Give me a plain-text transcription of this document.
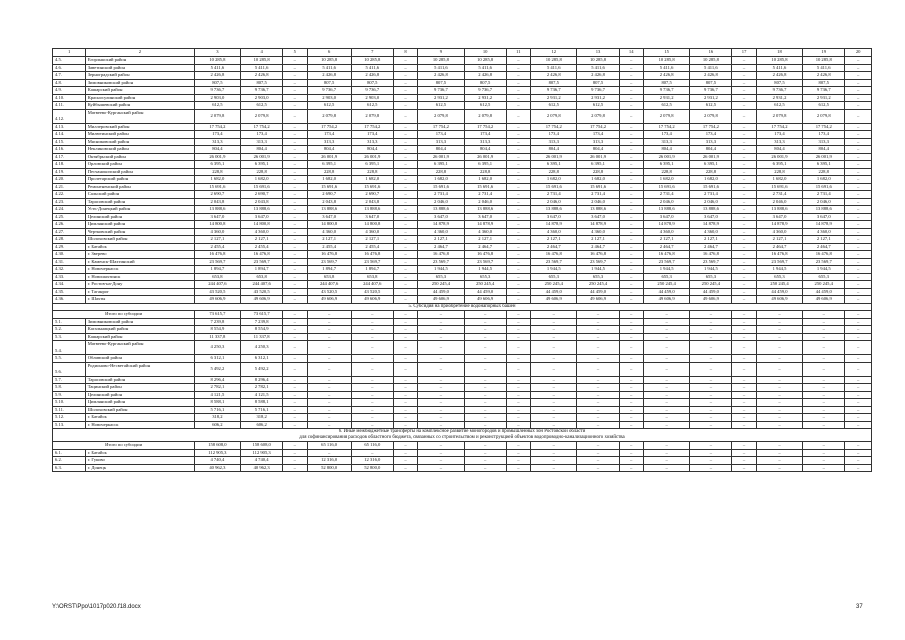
1	2	3	4	5	6	7	8	9	10	11	12	13	14	15	16	17	18	19	20
4.5.	Егорлыкский район	10 285,8	10 285,8	–	10 285,8	10 285,8	–	10 285,8	10 285,8	–	10 285,8	10 285,8	–	10 285,8	10 285,8	–	10 285,8	10 285,8	–
4.6.	Заветинский район	5 411,6	5 411,6	–	5 411,6	5 411,6	–	5 411,6	5 411,6	–	5 411,6	5 411,6	–	5 411,6	5 411,6	–	5 411,6	5 411,6	–
4.7.	Зерноградский район	2 426,8	2 426,8	–	2 426,8	2 426,8	–	2 426,8	2 426,8	–	2 426,8	2 426,8	–	2 426,8	2 426,8	–	2 426,8	2 426,8	–
4.8.	Зимовниковский район	807,5	807,5	–	807,5	807,5	–	807,5	807,5	–	807,5	807,5	–	807,5	807,5	–	807,5	807,5	–
4.9.	Кашарский район	9 736,7	9 736,7	–	9 736,7	9 736,7	–	9 736,7	9 736,7	–	9 736,7	9 736,7	–	9 736,7	9 736,7	–	9 736,7	9 736,7	–
4.10.	Красносулинский район	2 903,0	2 903,0	–	2 903,0	2 903,0	–	2 931,2	2 931,2	–	2 931,2	2 931,2	–	2 931,2	2 931,2	–	2 931,2	2 931,2	–
4.11.	Куйбышевский район	612,5	612,5	–	612,5	612,5	–	612,5	612,5	–	612,5	612,5	–	612,5	612,5	–	612,5	612,5	–
4.12.	Матвеево-Курганский район	2 079,8	2 079,8	–	2 079,8	2 079,8	–	2 079,8	2 079,8	–	2 079,8	2 079,8	–	2 079,8	2 079,8	–	2 079,8	2 079,8	–
4.13.	Миллеровский район	17 754,2	17 754,2	–	17 754,2	17 754,2	–	17 754,2	17 754,2	–	17 754,2	17 754,2	–	17 754,2	17 754,2	–	17 754,2	17 754,2	–
4.14.	Милютинский район	173,4	173,4	–	173,4	173,4	–	173,4	173,4	–	173,4	173,4	–	173,4	173,4	–	173,4	173,4	–
4.15.	Мясниковский район	313,3	313,3	–	313,3	313,3	–	313,3	313,3	–	313,3	313,3	–	313,3	313,3	–	313,3	313,3	–
4.16.	Неклиновский район	804,4	804,4	–	804,4	804,4	–	804,4	804,4	–	804,4	804,4	–	804,4	804,4	–	804,4	804,4	–
4.17.	Октябрьский район	26 001,9	26 001,9	–	26 001,9	26 001,9	–	26 001,9	26 001,9	–	26 001,9	26 001,9	–	26 001,9	26 001,9	–	26 001,9	26 001,9	–
4.18.	Орловский район	6 395,1	6 395,1	–	6 395,1	6 395,1	–	6 395,1	6 395,1	–	6 395,1	6 395,1	–	6 395,1	6 395,1	–	6 395,1	6 395,1	–
4.19.	Песчанокопский район	228,8	228,8	–	228,8	228,8	–	228,8	228,8	–	228,8	228,8	–	228,8	228,8	–	228,8	228,8	–
4.20.	Пролетарский район	1 682,0	1 682,0	–	1 682,0	1 682,0	–	1 682,0	1 682,0	–	1 682,0	1 682,0	–	1 682,0	1 682,0	–	1 682,0	1 682,0	–
4.21.	Ремонтненский район	15 691,6	15 691,6	–	15 691,6	15 691,6	–	15 691,6	15 691,6	–	15 691,6	15 691,6	–	15 691,6	15 691,6	–	15 691,6	15 691,6	–
4.22.	Сальский район	2 690,7	2 690,7	–	2 690,7	2 690,7	–	2 731,4	2 731,4	–	2 731,4	2 731,4	–	2 731,4	2 731,4	–	2 731,4	2 731,4	–
4.23.	Тарасовский район	2 043,8	2 043,8	–	2 043,8	2 043,8	–	2 046,0	2 046,0	–	2 046,0	2 046,0	–	2 046,0	2 046,0	–	2 046,0	2 046,0	–
4.24.	Усть-Донецкий район	13 888,6	13 888,6	–	13 888,6	13 888,6	–	13 888,6	13 888,6	–	13 888,6	13 888,6	–	13 888,6	13 888,6	–	13 888,6	13 888,6	–
4.25.	Целинский район	3 647,0	3 647,0	–	3 647,0	3 647,0	–	3 647,0	3 647,0	–	3 647,0	3 647,0	–	3 647,0	3 647,0	–	3 647,0	3 647,0	–
4.26.	Цимлянский район	14 800,8	14 800,8	–	14 800,8	14 800,8	–	14 878,9	14 878,9	–	14 878,9	14 878,9	–	14 878,9	14 878,9	–	14 878,9	14 878,9	–
4.27.	Чертковский район	4 360,0	4 360,0	–	4 360,0	4 360,0	–	4 360,0	4 360,0	–	4 360,0	4 360,0	–	4 360,0	4 360,0	–	4 360,0	4 360,0	–
4.28.	Шолоховский район	2 127,1	2 127,1	–	2 127,1	2 127,1	–	2 127,1	2 127,1	–	2 127,1	2 127,1	–	2 127,1	2 127,1	–	2 127,1	2 127,1	–
4.29.	г. Батайск	2 455,4	2 455,4	–	2 455,4	2 455,4	–	2 464,7	2 464,7	–	2 464,7	2 464,7	–	2 464,7	2 464,7	–	2 464,7	2 464,7	–
4.30.	г. Зверево	16 476,8	16 476,8	–	16 476,8	16 476,8	–	16 476,8	16 476,8	–	16 476,8	16 476,8	–	16 476,8	16 476,8	–	16 476,8	16 476,8	–
4.31.	г. Каменск-Шахтинский	23 569,7	23 569,7	–	23 569,7	23 569,7	–	23 569,7	23 569,7	–	23 569,7	23 569,7	–	23 569,7	23 569,7	–	23 569,7	23 569,7	–
4.32.	г. Новочеркасск	1 894,7	1 894,7	–	1 894,7	1 894,7	–	1 944,5	1 944,5	–	1 944,5	1 944,5	–	1 944,5	1 944,5	–	1 944,5	1 944,5	–
4.33.	г. Новошахтинск	653,8	653,8	–	653,8	653,8	–	655,3	655,3	–	655,3	655,3	–	655,3	655,3	–	655,3	655,3	–
4.34.	г. Ростов-на-Дону	244 407,6	244 407,6	–	244 407,6	244 407,6	–	250 245,4	250 245,4	–	250 245,4	250 245,4	–	250 245,4	250 245,4	–	250 245,4	250 245,4	–
4.35.	г. Таганрог	43 520,5	43 520,5	–	43 520,5	43 520,5	–	44 459,0	44 459,0	–	44 459,0	44 459,0	–	44 459,0	44 459,0	–	44 459,0	44 459,0	–
4.36.	г. Шахты	49 606,9	49 606,9	–	49 606,9	49 606,9	–	49 606,9	49 606,9	–	49 606,9	49 606,9	–	49 606,9	49 606,9	–	49 606,9	49 606,9	–
5. Субсидия на приобретение водонапорных башен																			
Итого по субсидии		73 615,7	73 615,7	–	–	–	–	–	–	–	–	–	–	–	–	–	–	–	–
5.1.	Зимовниковский район	7 239,8	7 239,8	–	–	–	–	–	–	–	–	–	–	–	–	–	–	–	–
5.2.	Кагальницкий район	8 554,9	8 554,9	–	–	–	–	–	–	–	–	–	–	–	–	–	–	–	–
5.3.	Кашарский район	11 337,8	11 337,8	–	–	–	–	–	–	–	–	–	–	–	–	–	–	–	–
5.4.	Матвеево-Курганский район	4 250,3	4 250,3	–	–	–	–	–	–	–	–	–	–	–	–	–	–	–	–
5.5.	Обливский район	6 312,1	6 312,1	–	–	–	–	–	–	–	–	–	–	–	–	–	–	–	–
5.6.	Родионово-Несветайский район	5 492,2	5 492,2	–	–	–	–	–	–	–	–	–	–	–	–	–	–	–	–
5.7.	Тарасовский район	8 296,4	8 296,4	–	–	–	–	–	–	–	–	–	–	–	–	–	–	–	–
5.8.	Тацинский район	2 782,1	2 782,1	–	–	–	–	–	–	–	–	–	–	–	–	–	–	–	–
5.9.	Целинский район	4 121,5	4 121,5	–	–	–	–	–	–	–	–	–	–	–	–	–	–	–	–
5.10.	Цимлянский район	8 588,1	8 588,1	–	–	–	–	–	–	–	–	–	–	–	–	–	–	–	–
5.11.	Шолоховский район	5 716,1	5 716,1	–	–	–	–	–	–	–	–	–	–	–	–	–	–	–	–
5.12.	г. Батайск	318,2	318,2	–	–	–	–	–	–	–	–	–	–	–	–	–	–	–	–
5.13.	г. Новочеркасск	606,2	606,2	–	–	–	–	–	–	–	–	–	–	–	–	–	–	–	–

6. Иные межбюджетные трансферты на комплексное развитие моногородов и промышленных зон Ростовской области
для софинансирования расходов областного бюджета, связанных со строительством и реконструкцией объектов водопроводно-канализационного хозяйства																			

Итого по субсидии		158 608,0	158 608,0	–	65 116,0	65 116,0	–	–	–	–	–	–	–	–	–	–	–	–	–
6.1.	г. Батайск	112 905,3	112 905,3	–	–	–	–	–	–	–	–	–	–	–	–	–	–	–	–
6.2.	г. Гуково	4 740,4	4 740,4	–	12 316,0	12 316,0	–	–	–	–	–	–	–	–	–	–	–	–	–
6.3.	г. Донецк	40 962,3	40 962,3	–	52 800,0	52 800,0	–	–	–	–	–	–	–	–	–	–	–	–	–
Y:\ORST\Ppo\1017p020.f18.docx	37
